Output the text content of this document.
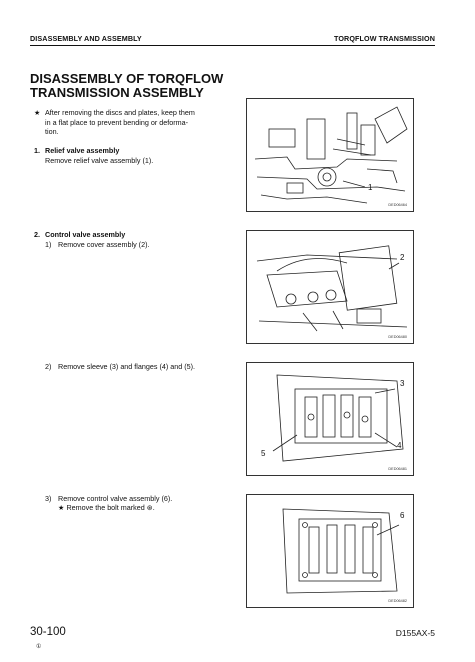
DISASSEMBLY AND ASSEMBLY	TORQFLOW TRANSMISSION
DISASSEMBLY OF TORQFLOW
TRANSMISSION ASSEMBLY
★ After removing the discs and plates, keep them
in a flat place to prevent bending or deforma-
tion.
1. Relief valve assembly
Remove relief valve assembly (1).
2. Control valve assembly
1) Remove cover assembly (2).
2) Remove sleeve (3) and flanges (4) and (5).
3) Remove control valve assembly (6).
★ Remove the bolt marked ⊛.
1
DED06464
2
DED06480
3
4
5
DED06481
6
DED06482
30-100
①
D155AX-5
